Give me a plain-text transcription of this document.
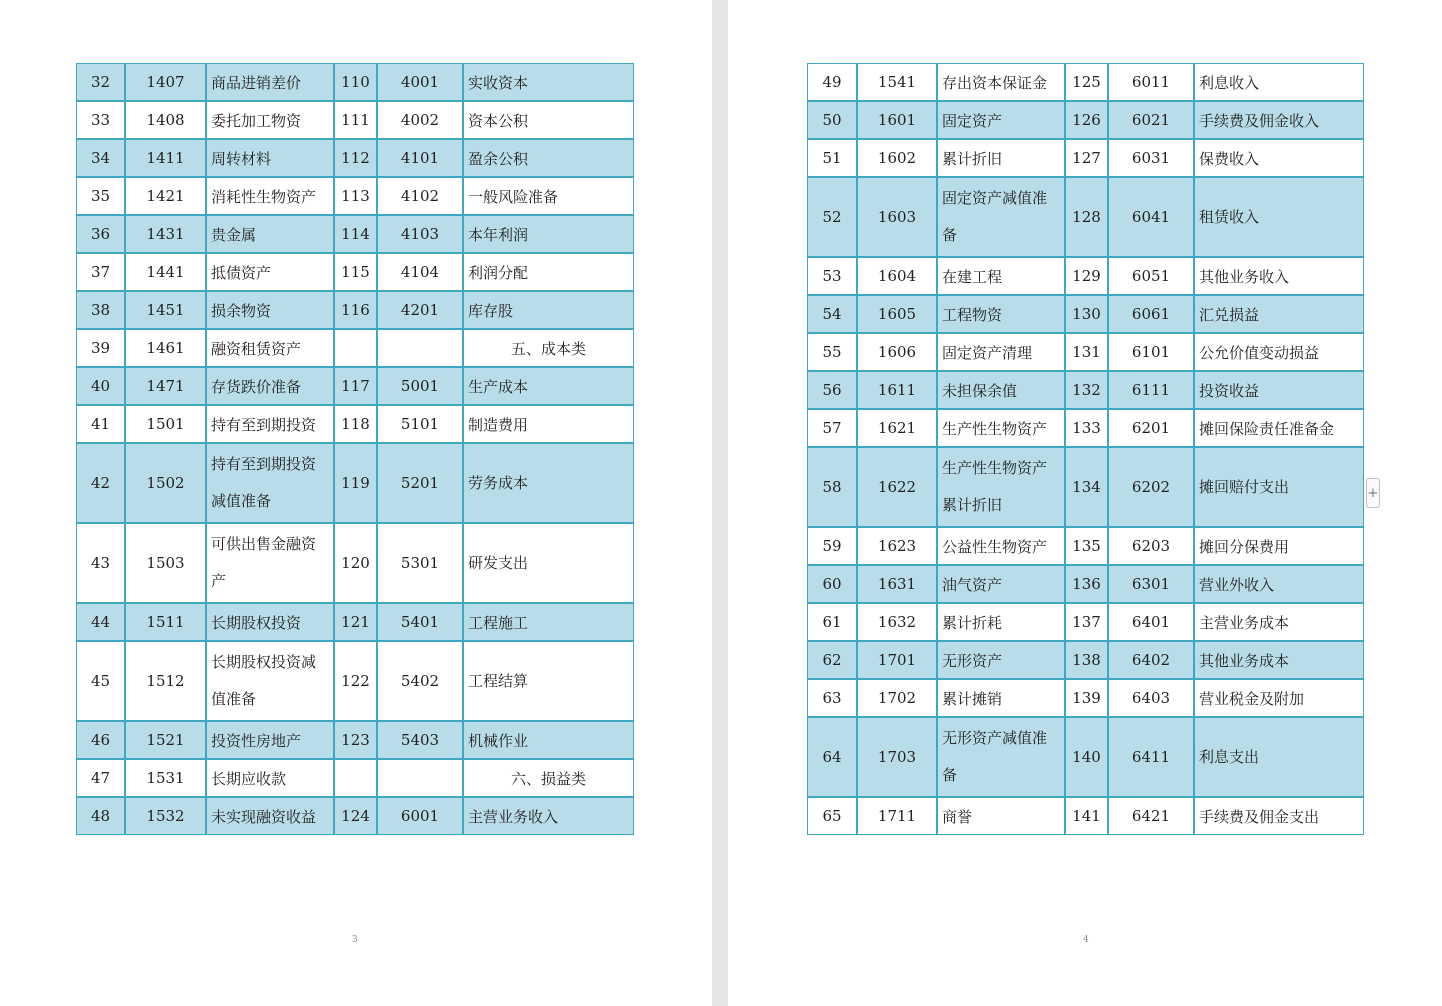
32	1407	商品进销差价	110	4001	实收资本
33	1408	委托加工物资	111	4002	资本公积
34	1411	周转材料	112	4101	盈余公积
35	1421	消耗性生物资产	113	4102	一般风险准备
36	1431	贵金属	114	4103	本年利润
37	1441	抵债资产	115	4104	利润分配
38	1451	损余物资	116	4201	库存股
39	1461	融资租赁资产			五、成本类
40	1471	存货跌价准备	117	5001	生产成本
41	1501	持有至到期投资	118	5101	制造费用
42	1502	持有至到期投资减值准备	119	5201	劳务成本
43	1503	可供出售金融资产	120	5301	研发支出
44	1511	长期股权投资	121	5401	工程施工
45	1512	长期股权投资减值准备	122	5402	工程结算
46	1521	投资性房地产	123	5403	机械作业
47	1531	长期应收款			六、损益类
48	1532	未实现融资收益	124	6001	主营业务收入
49	1541	存出资本保证金	125	6011	利息收入
50	1601	固定资产	126	6021	手续费及佣金收入
51	1602	累计折旧	127	6031	保费收入
52	1603	固定资产减值准备	128	6041	租赁收入
53	1604	在建工程	129	6051	其他业务收入
54	1605	工程物资	130	6061	汇兑损益
55	1606	固定资产清理	131	6101	公允价值变动损益
56	1611	未担保余值	132	6111	投资收益
57	1621	生产性生物资产	133	6201	摊回保险责任准备金
58	1622	生产性生物资产累计折旧	134	6202	摊回赔付支出
59	1623	公益性生物资产	135	6203	摊回分保费用
60	1631	油气资产	136	6301	营业外收入
61	1632	累计折耗	137	6401	主营业务成本
62	1701	无形资产	138	6402	其他业务成本
63	1702	累计摊销	139	6403	营业税金及附加
64	1703	无形资产减值准备	140	6411	利息支出
65	1711	商誉	141	6421	手续费及佣金支出
3	4
+
